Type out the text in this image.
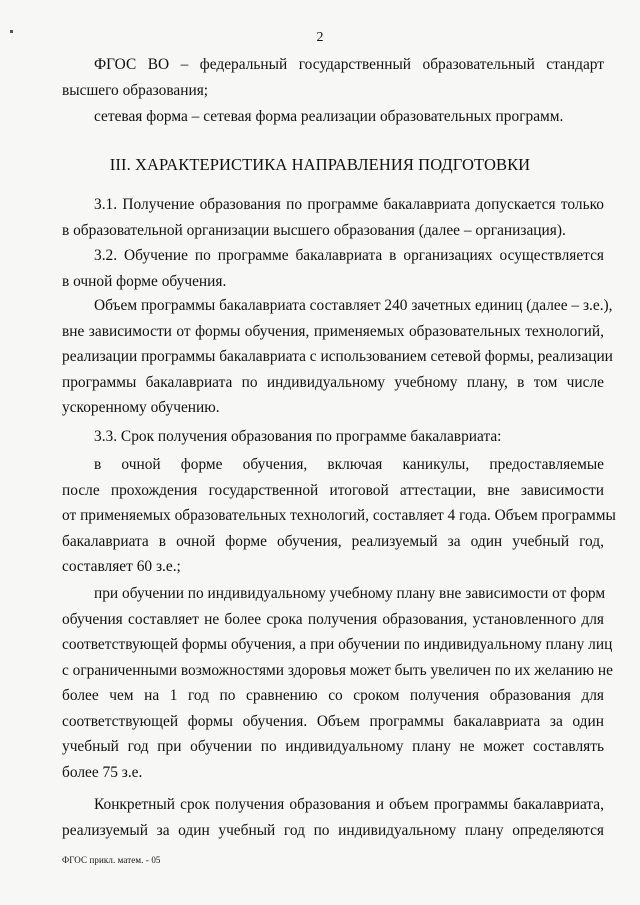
2
ФГОС ВО – федеральный государственный образовательный стандарт
высшего образования;
сетевая форма – сетевая форма реализации образовательных программ.
III. ХАРАКТЕРИСТИКА НАПРАВЛЕНИЯ ПОДГОТОВКИ
3.1. Получение образования по программе бакалавриата допускается только
в образовательной организации высшего образования (далее – организация).
3.2. Обучение по программе бакалавриата в организациях осуществляется
в очной форме обучения.
Объем программы бакалавриата составляет 240 зачетных единиц (далее – з.е.),
вне зависимости от формы обучения, применяемых образовательных технологий,
реализации программы бакалавриата с использованием сетевой формы, реализации
программы бакалавриата по индивидуальному учебному плану, в том числе
ускоренному обучению.
3.3. Срок получения образования по программе бакалавриата:
в очной форме обучения, включая каникулы, предоставляемые
после прохождения государственной итоговой аттестации, вне зависимости
от применяемых образовательных технологий, составляет 4 года. Объем программы
бакалавриата в очной форме обучения, реализуемый за один учебный год,
составляет 60 з.е.;
при обучении по индивидуальному учебному плану вне зависимости от форм
обучения составляет не более срока получения образования, установленного для
соответствующей формы обучения, а при обучении по индивидуальному плану лиц
с ограниченными возможностями здоровья может быть увеличен по их желанию не
более чем на 1 год по сравнению со сроком получения образования для
соответствующей формы обучения. Объем программы бакалавриата за один
учебный год при обучении по индивидуальному плану не может составлять
более 75 з.е.
Конкретный срок получения образования и объем программы бакалавриата,
реализуемый за один учебный год по индивидуальному плану определяются
ФГОС прикл. матем. - 05
